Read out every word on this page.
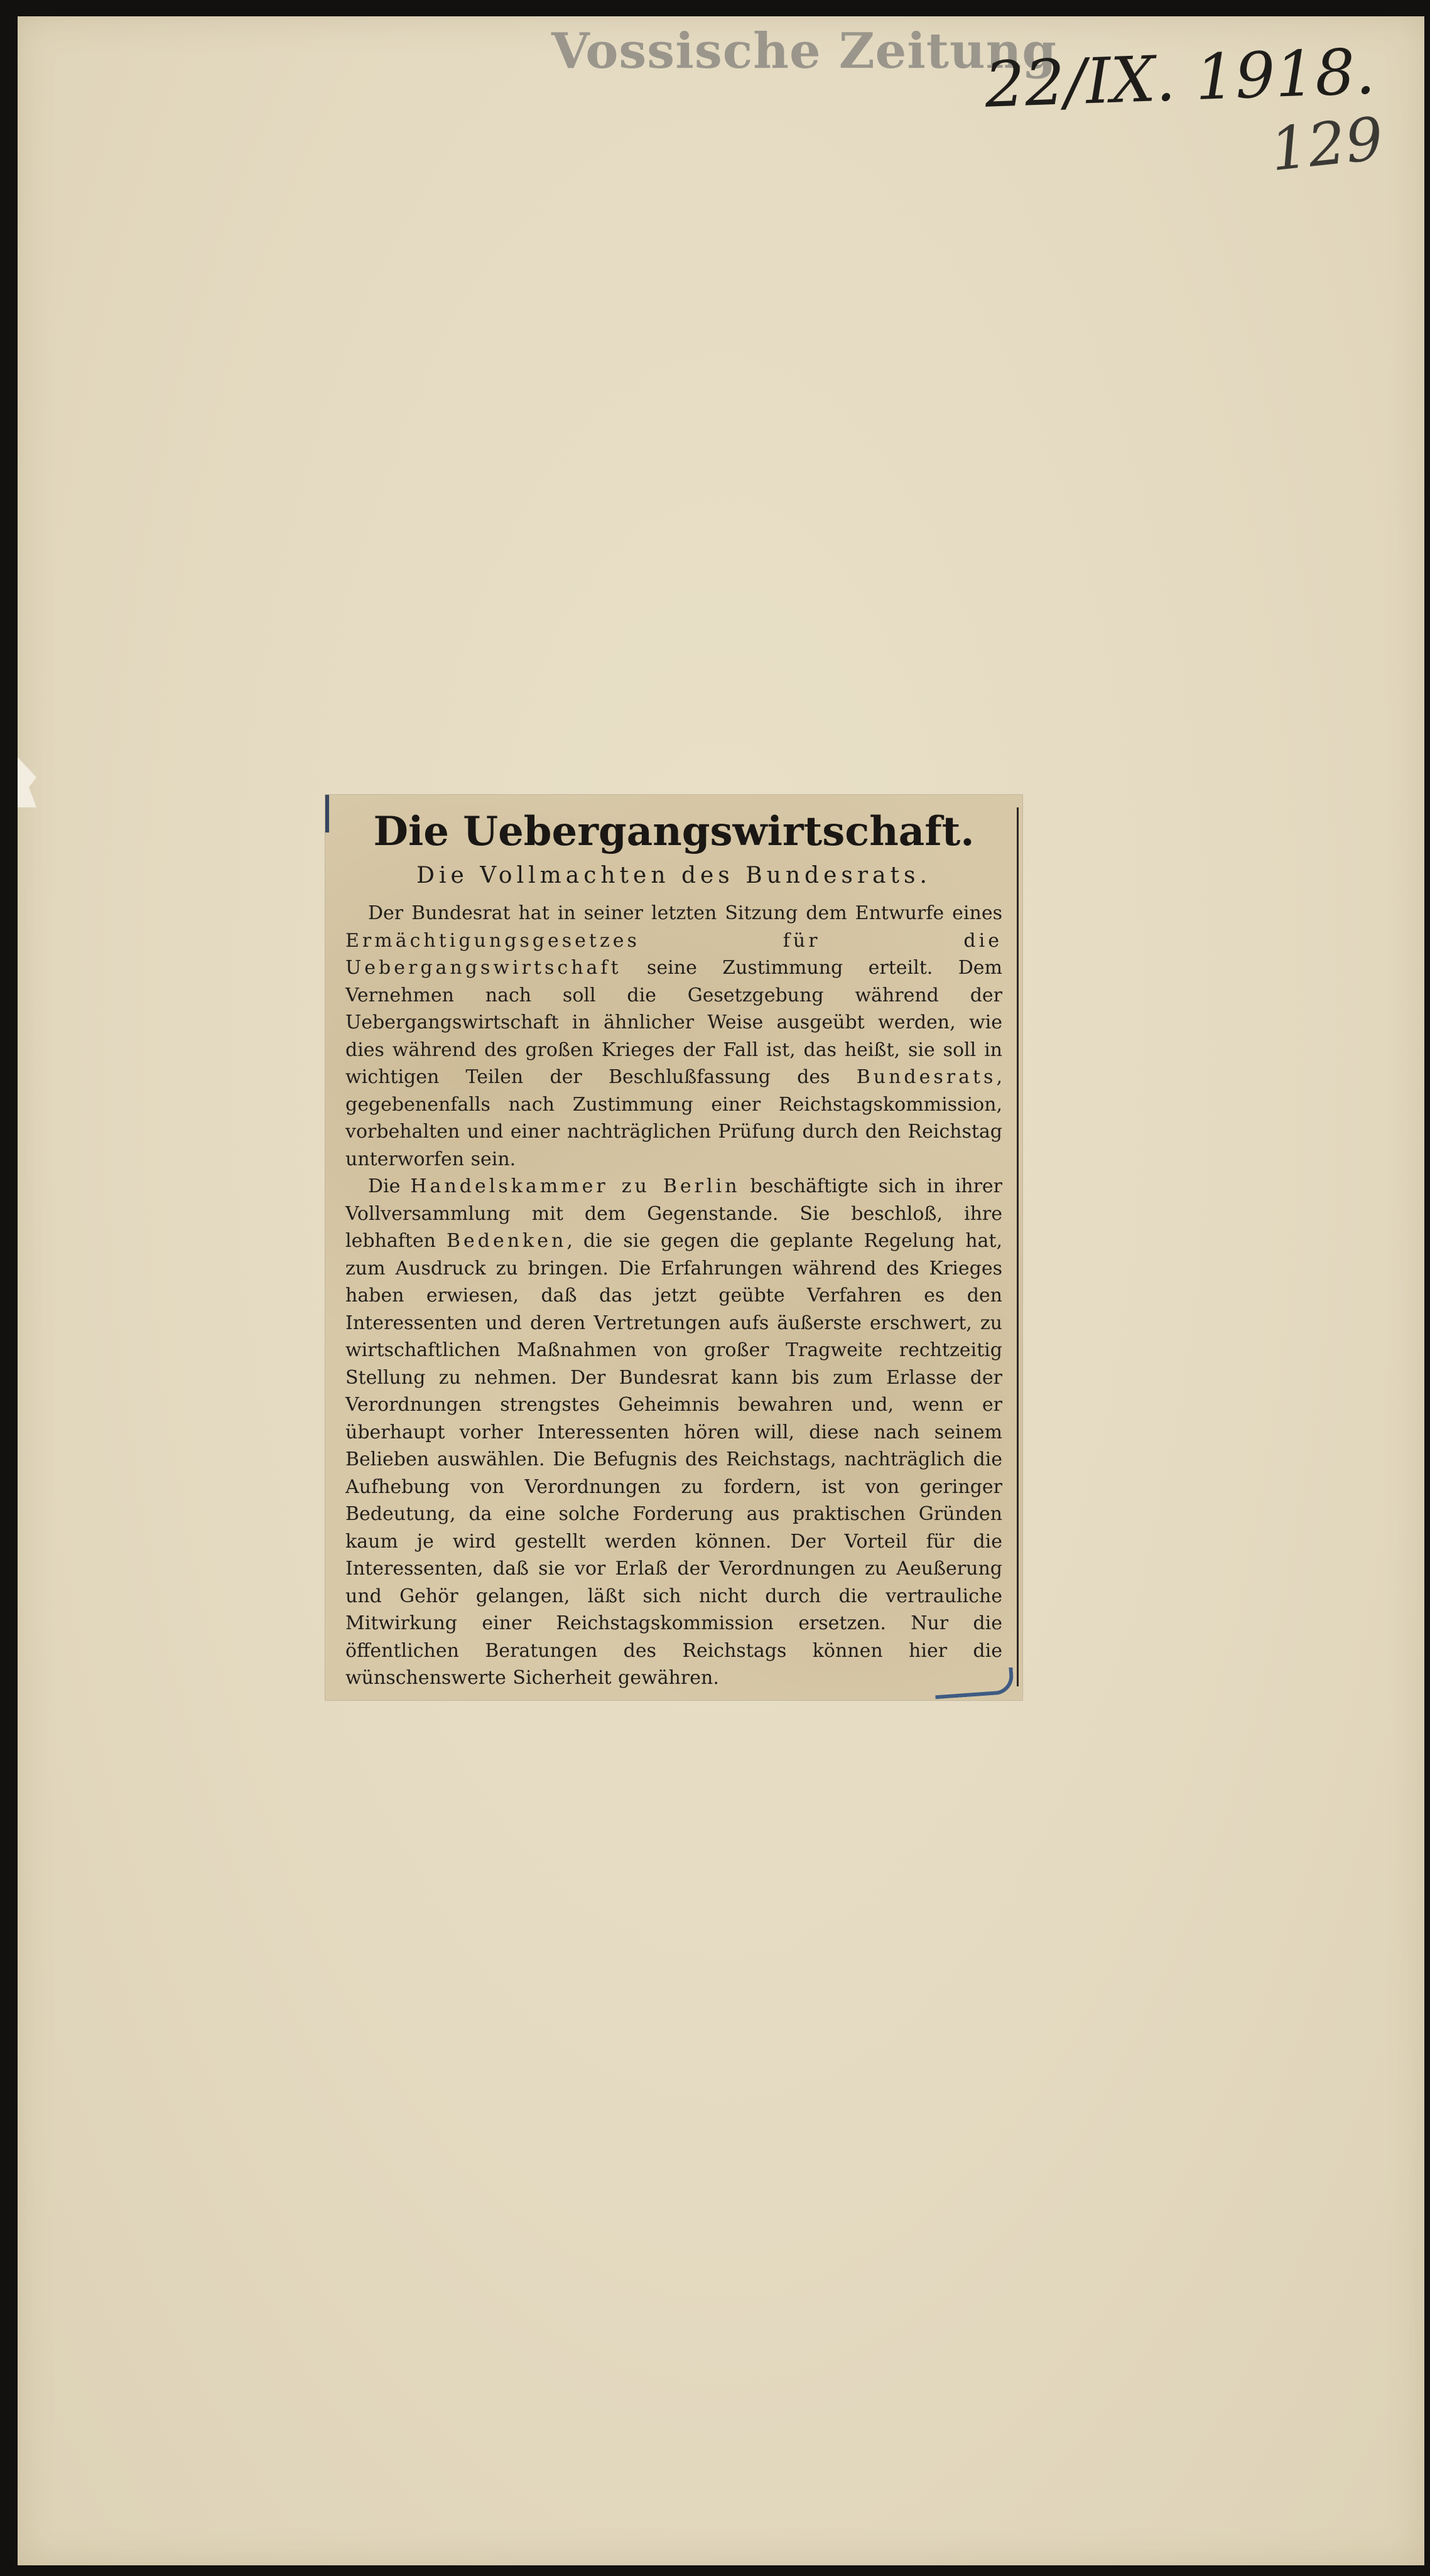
Vossische Zeitung
22/IX. 1918.
129
Die Uebergangswirtschaft.
Die Vollmachten des Bundesrats.

Der Bundesrat hat in seiner letzten Sitzung dem Entwurfe eines Ermächtigungsgesetzes für die Uebergangswirtschaft seine Zustimmung erteilt. Dem Vernehmen nach soll die Gesetzgebung während der Uebergangswirtschaft in ähnlicher Weise ausgeübt werden, wie dies während des großen Krieges der Fall ist, das heißt, sie soll in wichtigen Teilen der Beschlußfassung des Bundesrats, gegebenenfalls nach Zustimmung einer Reichstagskommission, vorbehalten und einer nachträglichen Prüfung durch den Reichstag unterworfen sein.

Die Handelskammer zu Berlin beschäftigte sich in ihrer Vollversammlung mit dem Gegenstande. Sie beschloß, ihre lebhaften Bedenken, die sie gegen die geplante Regelung hat, zum Ausdruck zu bringen. Die Erfahrungen während des Krieges haben erwiesen, daß das jetzt geübte Verfahren es den Interessenten und deren Vertretungen aufs äußerste erschwert, zu wirtschaftlichen Maßnahmen von großer Tragweite rechtzeitig Stellung zu nehmen. Der Bundesrat kann bis zum Erlasse der Verordnungen strengstes Geheimnis bewahren und, wenn er überhaupt vorher Interessenten hören will, diese nach seinem Belieben auswählen. Die Befugnis des Reichstags, nachträglich die Aufhebung von Verordnungen zu fordern, ist von geringer Bedeutung, da eine solche Forderung aus praktischen Gründen kaum je wird gestellt werden können. Der Vorteil für die Interessenten, daß sie vor Erlaß der Verordnungen zu Aeußerung und Gehör gelangen, läßt sich nicht durch die vertrauliche Mitwirkung einer Reichstagskommission ersetzen. Nur die öffentlichen Beratungen des Reichstags können hier die wünschenswerte Sicherheit gewähren.
